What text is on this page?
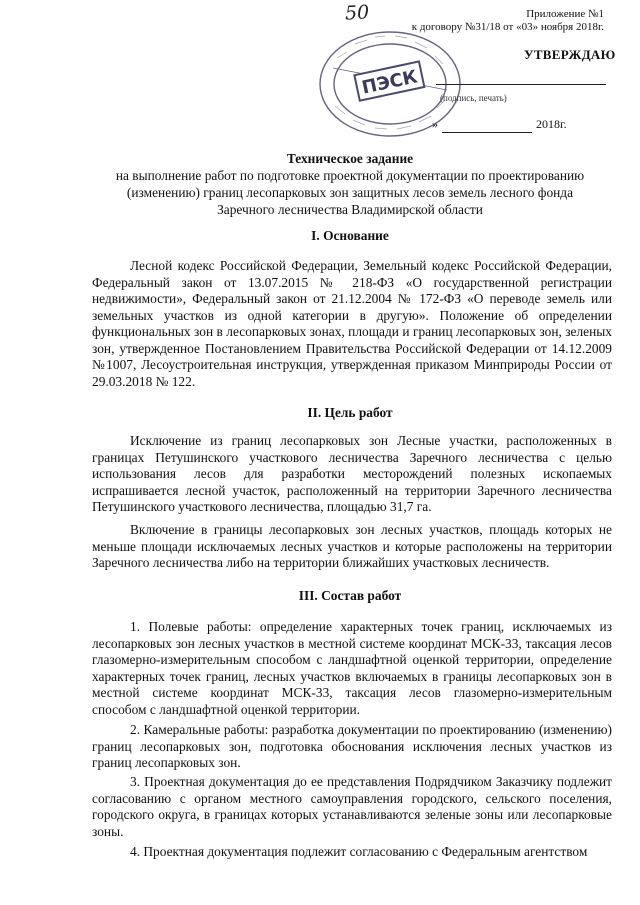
50	Приложение №1
к договору №31/18 от «03» ноября 2018г.
ПЭСК
УТВЕРЖДАЮ
(подпись, печать)
»	2018г.
Техническое задание
на выполнение работ по подготовке проектной документации по проектированию
(изменению) границ лесопарковых зон защитных лесов земель лесного фонда
Заречного лесничества Владимирской области
I. Основание
Лесной кодекс Российской Федерации, Земельный кодекс Российской Федерации, Федеральный закон от 13.07.2015 № 218-ФЗ «О государственной регистрации недвижимости», Федеральный закон от 21.12.2004 № 172-ФЗ «О переводе земель или земельных участков из одной категории в другую». Положение об определении функциональных зон в лесопарковых зонах, площади и границ лесопарковых зон, зеленых зон, утвержденное Постановлением Правительства Российской Федерации от 14.12.2009 №1007, Лесоустроительная инструкция, утвержденная приказом Минприроды России от 29.03.2018 № 122.
II. Цель работ
Исключение из границ лесопарковых зон Лесные участки, расположенных в границах Петушинского участкового лесничества Заречного лесничества с целью использования лесов для разработки месторождений полезных ископаемых испрашивается лесной участок, расположенный на территории Заречного лесничества Петушинского участкового лесничества, площадью 31,7 га.
Включение в границы лесопарковых зон лесных участков, площадь которых не меньше площади исключаемых лесных участков и которые расположены на территории Заречного лесничества либо на территории ближайших участковых лесничеств.
III. Состав работ
1. Полевые работы: определение характерных точек границ, исключаемых из лесопарковых зон лесных участков в местной системе координат МСК-33, таксация лесов глазомерно-измерительным способом с ландшафтной оценкой территории, определение характерных точек границ, лесных участков включаемых в границы лесопарковых зон в местной системе координат МСК-33, таксация лесов глазомерно-измерительным способом с ландшафтной оценкой территории.
2. Камеральные работы: разработка документации по проектированию (изменению) границ лесопарковых зон, подготовка обоснования исключения лесных участков из границ лесопарковых зон.
3. Проектная документация до ее представления Подрядчиком Заказчику подлежит согласованию с органом местного самоуправления городского, сельского поселения, городского округа, в границах которых устанавливаются зеленые зоны или лесопарковые зоны.
4. Проектная документация подлежит согласованию с Федеральным агентством
